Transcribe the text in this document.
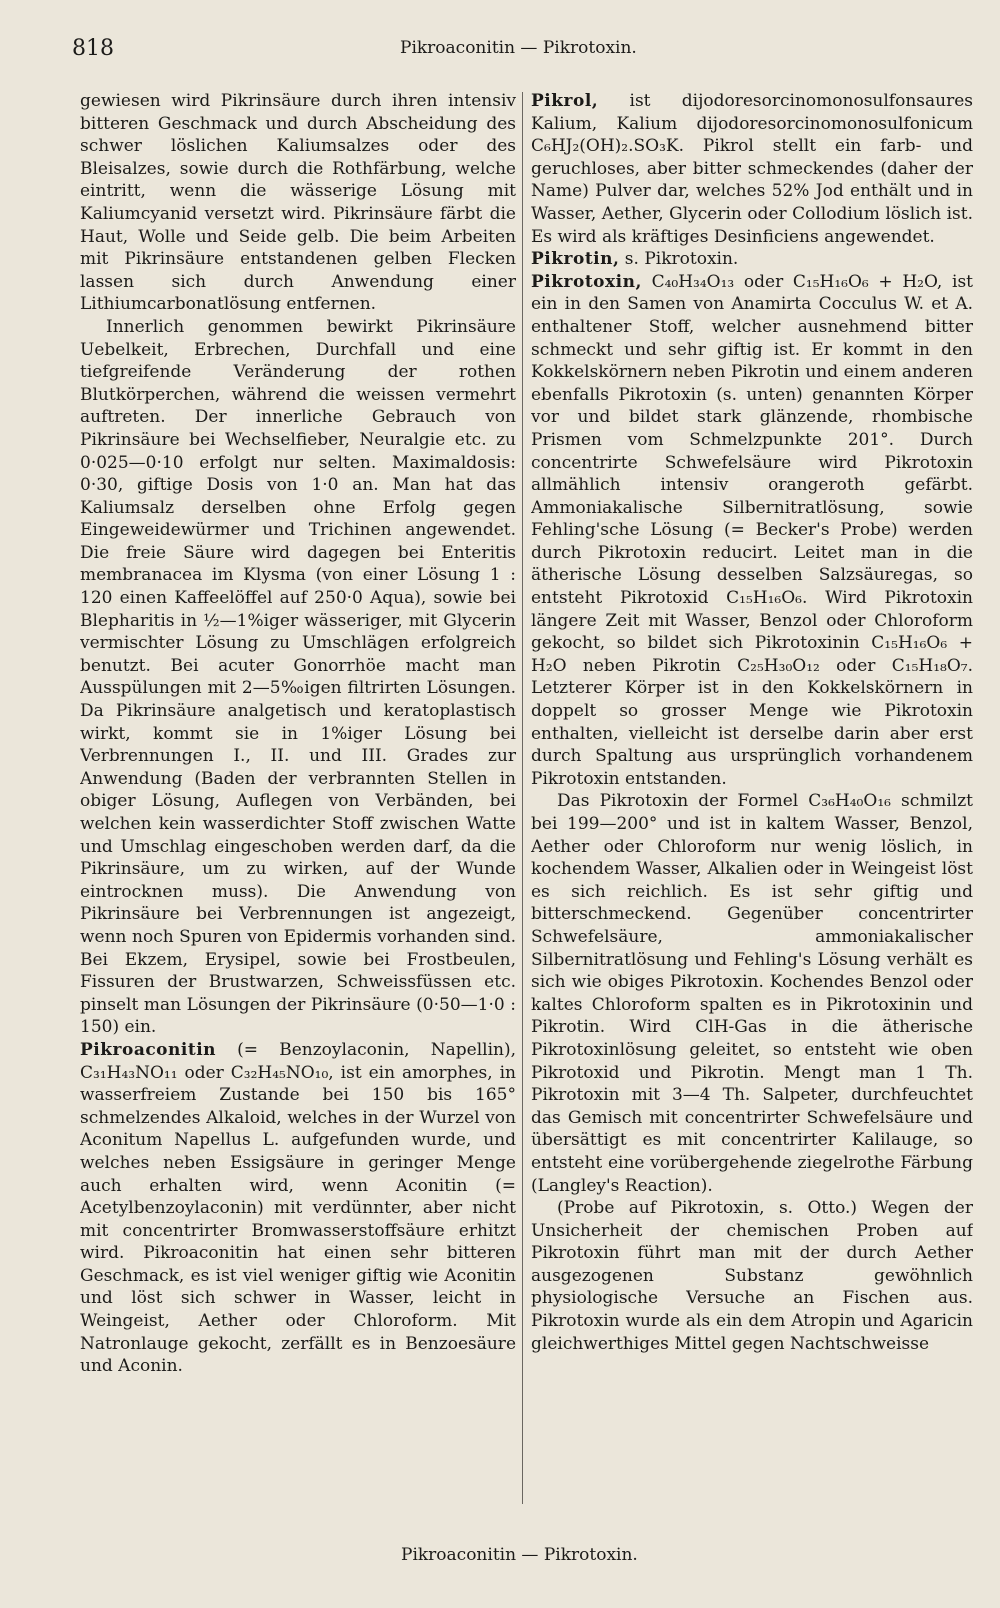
818	Pikroaconitin — Pikrotoxin.

gewiesen wird Pikrinsäure durch ihren intensiv bitteren Geschmack und durch Abscheidung des schwer löslichen Kaliumsalzes oder des Bleisalzes, sowie durch die Rothfärbung, welche eintritt, wenn die wässerige Lösung mit Kaliumcyanid versetzt wird. Pikrinsäure färbt die Haut, Wolle und Seide gelb. Die beim Arbeiten mit Pikrinsäure entstandenen gelben Flecken lassen sich durch Anwendung einer Lithiumcarbonatlösung entfernen.

Innerlich genommen bewirkt Pikrinsäure Uebelkeit, Erbrechen, Durchfall und eine tiefgreifende Veränderung der rothen Blutkörperchen, während die weissen vermehrt auftreten. Der innerliche Gebrauch von Pikrinsäure bei Wechselfieber, Neuralgie etc. zu 0·025—0·10 erfolgt nur selten. Maximaldosis: 0·30, giftige Dosis von 1·0 an. Man hat das Kaliumsalz derselben ohne Erfolg gegen Eingeweidewürmer und Trichinen angewendet. Die freie Säure wird dagegen bei Enteritis membranacea im Klysma (von einer Lösung 1 : 120 einen Kaffeelöffel auf 250·0 Aqua), sowie bei Blepharitis in ½—1%iger wässeriger, mit Glycerin vermischter Lösung zu Umschlägen erfolgreich benutzt. Bei acuter Gonorrhöe macht man Ausspülungen mit 2—5‰igen filtrirten Lösungen. Da Pikrinsäure analgetisch und keratoplastisch wirkt, kommt sie in 1%iger Lösung bei Verbrennungen I., II. und III. Grades zur Anwendung (Baden der verbrannten Stellen in obiger Lösung, Auflegen von Verbänden, bei welchen kein wasserdichter Stoff zwischen Watte und Umschlag eingeschoben werden darf, da die Pikrinsäure, um zu wirken, auf der Wunde eintrocknen muss). Die Anwendung von Pikrinsäure bei Verbrennungen ist angezeigt, wenn noch Spuren von Epidermis vorhanden sind. Bei Ekzem, Erysipel, sowie bei Frostbeulen, Fissuren der Brustwarzen, Schweissfüssen etc. pinselt man Lösungen der Pikrinsäure (0·50—1·0 : 150) ein.

Pikroaconitin (= Benzoylaconin, Napellin), C₃₁H₄₃NO₁₁ oder C₃₂H₄₅NO₁₀, ist ein amorphes, in wasserfreiem Zustande bei 150 bis 165° schmelzendes Alkaloid, welches in der Wurzel von Aconitum Napellus L. aufgefunden wurde, und welches neben Essigsäure in geringer Menge auch erhalten wird, wenn Aconitin (= Acetylbenzoylaconin) mit verdünnter, aber nicht mit concentrirter Bromwasserstoffsäure erhitzt wird. Pikroaconitin hat einen sehr bitteren Geschmack, es ist viel weniger giftig wie Aconitin und löst sich schwer in Wasser, leicht in Weingeist, Aether oder Chloroform. Mit Natronlauge gekocht, zerfällt es in Benzoesäure und Aconin.

Pikrol, ist dijodoresorcinomonosulfonsaures Kalium, Kalium dijodoresorcinomonosulfonicum C₆HJ₂(OH)₂.SO₃K. Pikrol stellt ein farb- und geruchloses, aber bitter schmeckendes (daher der Name) Pulver dar, welches 52% Jod enthält und in Wasser, Aether, Glycerin oder Collodium löslich ist. Es wird als kräftiges Desinficiens angewendet.

Pikrotin, s. Pikrotoxin.

Pikrotoxin, C₄₀H₃₄O₁₃ oder C₁₅H₁₆O₆ + H₂O, ist ein in den Samen von Anamirta Cocculus W. et A. enthaltener Stoff, welcher ausnehmend bitter schmeckt und sehr giftig ist. Er kommt in den Kokkelskörnern neben Pikrotin und einem anderen ebenfalls Pikrotoxin (s. unten) genannten Körper vor und bildet stark glänzende, rhombische Prismen vom Schmelzpunkte 201°. Durch concentrirte Schwefelsäure wird Pikrotoxin allmählich intensiv orangeroth gefärbt. Ammoniakalische Silbernitratlösung, sowie Fehling'sche Lösung (= Becker's Probe) werden durch Pikrotoxin reducirt. Leitet man in die ätherische Lösung desselben Salzsäuregas, so entsteht Pikrotoxid C₁₅H₁₆O₆. Wird Pikrotoxin längere Zeit mit Wasser, Benzol oder Chloroform gekocht, so bildet sich Pikrotoxinin C₁₅H₁₆O₆ + H₂O neben Pikrotin C₂₅H₃₀O₁₂ oder C₁₅H₁₈O₇. Letzterer Körper ist in den Kokkelskörnern in doppelt so grosser Menge wie Pikrotoxin enthalten, vielleicht ist derselbe darin aber erst durch Spaltung aus ursprünglich vorhandenem Pikrotoxin entstanden.

Das Pikrotoxin der Formel C₃₆H₄₀O₁₆ schmilzt bei 199—200° und ist in kaltem Wasser, Benzol, Aether oder Chloroform nur wenig löslich, in kochendem Wasser, Alkalien oder in Weingeist löst es sich reichlich. Es ist sehr giftig und bitterschmeckend. Gegenüber concentrirter Schwefelsäure, ammoniakalischer Silbernitratlösung und Fehling's Lösung verhält es sich wie obiges Pikrotoxin. Kochendes Benzol oder kaltes Chloroform spalten es in Pikrotoxinin und Pikrotin. Wird ClH-Gas in die ätherische Pikrotoxinlösung geleitet, so entsteht wie oben Pikrotoxid und Pikrotin. Mengt man 1 Th. Pikrotoxin mit 3—4 Th. Salpeter, durchfeuchtet das Gemisch mit concentrirter Schwefelsäure und übersättigt es mit concentrirter Kalilauge, so entsteht eine vorübergehende ziegelrothe Färbung (Langley's Reaction).

(Probe auf Pikrotoxin, s. Otto.) Wegen der Unsicherheit der chemischen Proben auf Pikrotoxin führt man mit der durch Aether ausgezogenen Substanz gewöhnlich physiologische Versuche an Fischen aus. Pikrotoxin wurde als ein dem Atropin und Agaricin gleichwerthiges Mittel gegen Nachtschweisse

Pikroaconitin — Pikrotoxin.
